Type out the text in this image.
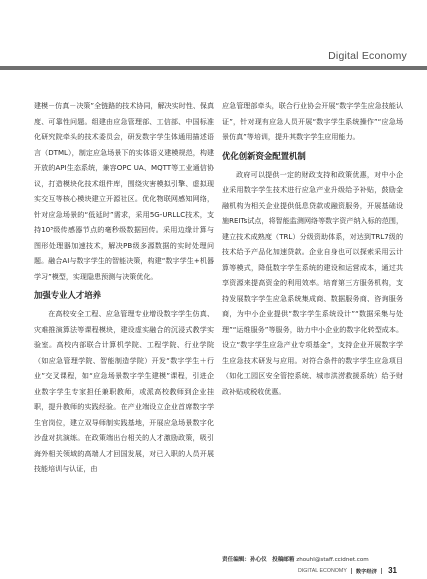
Digital Economy

建模－仿真－决策”全链路的技术协同，解决实时性、保真度、可靠性问题。组建由应急管理部、工信部、中国标准化研究院牵头的技术委员会，研发数字学生体通用描述语言（DTML），制定应急场景下的实体语义建模规范，构建开放的API生态系统，兼容OPC UA、MQTT等工业通信协议，打造模块化技术组件库，围绕灾害模拟引擎、虚拟现实交互等核心模块建立开源社区。优化物联网感知网络，针对应急场景的“低延时”需求，采用5G-URLLC技术，支持10³级传感器节点的毫秒级数据回传。采用边缘计算与图形处理器加速技术，解决PB级多源数据的实时处理问题。融合AI与数字学生的智能决策，构建“数字学生+机器学习”模型，实现隐患预测与决策优化。

加强专业人才培养

在高校安全工程、应急管理专业增设数字学生仿真、灾难推演算法等课程模块，建设虚实融合的沉浸式教学实验室。高校内部联合计算机学院、工程学院、行业学院（如应急管理学院、智能制造学院）开发“数字学生＋行业”交叉课程，如“应急场景数字学生建模”课程，引进企业数字学生专家担任兼职教师，或派高校教师到企业挂职，提升教师的实践经验。在产业端设立企业首席数字学生官岗位，建立双导师制实践基地，开展应急场景数字化沙盘对抗演练。在政策端出台相关的人才激励政策，吸引海外相关领域的高端人才回国发展，对已入职的人员开展技能培训与认证，由

应急管理部牵头，联合行业协会开展“数字学生应急技能认证”，针对现有应急人员开展“数字学生系统操作”“应急场景仿真”等培训，提升其数字学生应用能力。

优化创新资金配置机制

政府可以提供一定的财政支持和政策优惠，对中小企业采用数字学生技术进行应急产业升级给予补贴，鼓励金融机构为相关企业提供低息贷款或融资服务，开展基础设施REITs试点，将智能监测网络等数字资产纳入标的范围，建立技术成熟度（TRL）分级资助体系，对达到TRL7级的技术给予产品化加速贷款。企业自身也可以探索采用云计算等模式，降低数字学生系统的建设和运营成本，通过共享资源来提高资金的利用效率。培育第三方服务机构，支持发展数字学生应急系统集成商、数据服务商、咨询服务商，为中小企业提供“数字学生系统设计”“数据采集与处理”“运维服务”等服务，助力中小企业的数字化转型成本。设立“数字学生应急产业专项基金”，支持企业开展数字学生应急技术研发与应用。对符合条件的数字学生应急项目（如化工园区安全管控系统、城市洪涝救援系统）给予财政补贴或税收优惠。

责任编辑：孙心仪 投稿邮箱 zhouhl@staff.ccidnet.com
DIGITAL ECONOMY 数字经济 31
